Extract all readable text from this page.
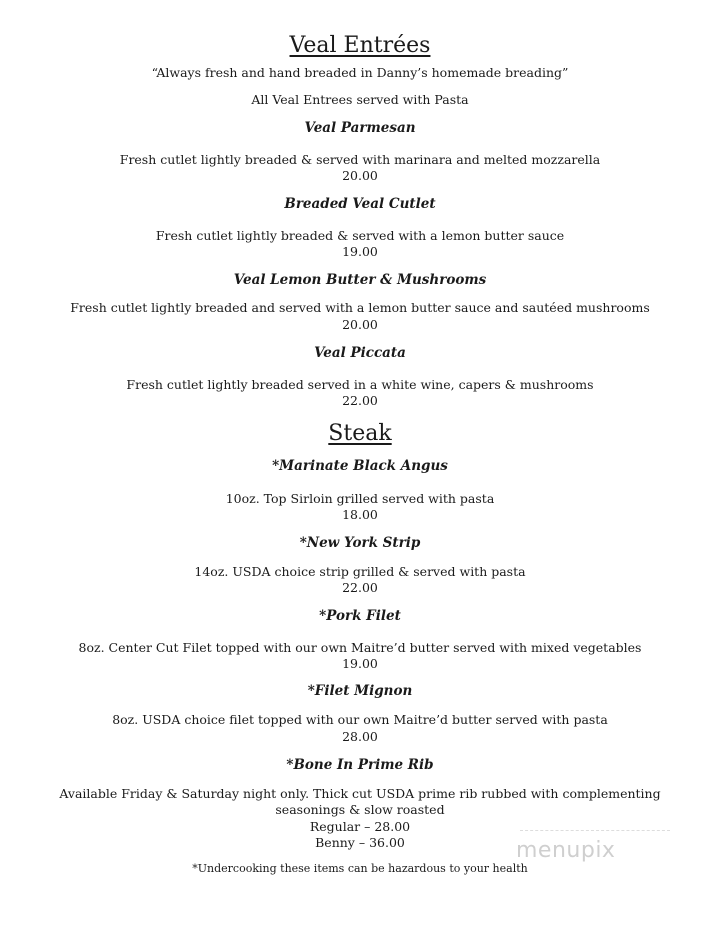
Veal Entrées
“Always fresh and hand breaded in Danny’s homemade breading”
All Veal Entrees served with Pasta
Veal Parmesan
Fresh cutlet lightly breaded & served with marinara and melted mozzarella
20.00
Breaded Veal Cutlet
Fresh cutlet lightly breaded & served with a lemon butter sauce
19.00
Veal Lemon Butter & Mushrooms
Fresh cutlet lightly breaded and served with a lemon butter sauce and sautéed mushrooms
20.00
Veal Piccata
Fresh cutlet lightly breaded served in a white wine, capers & mushrooms
22.00
Steak
*Marinate Black Angus
10oz. Top Sirloin grilled served with pasta
18.00
*New York Strip
14oz. USDA choice strip grilled & served with pasta
22.00
*Pork Filet
8oz. Center Cut Filet topped with our own Maitre’d butter served with mixed vegetables
19.00
*Filet Mignon
8oz. USDA choice filet topped with our own Maitre’d butter served with pasta
28.00
*Bone In Prime Rib
Available Friday & Saturday night only. Thick cut USDA prime rib rubbed with complementing
seasonings & slow roasted
Regular – 28.00
Benny – 36.00
*Undercooking these items can be hazardous to your health
menupix
